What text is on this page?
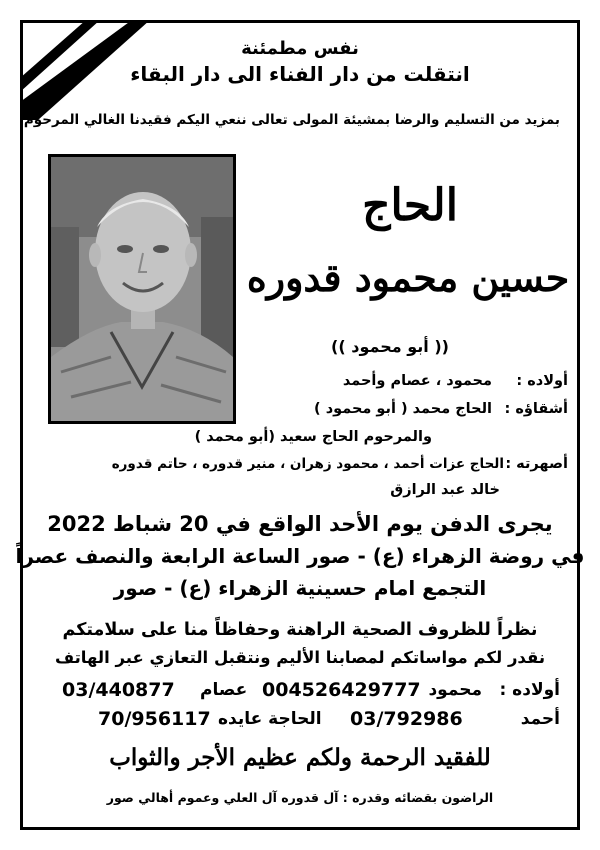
نفس مطمئنة
انتقلت من دار الفناء الى دار البقاء
بمزيد من التسليم والرضا بمشيئة المولى تعالى ننعي اليكم فقيدنا الغالي المرحوم
الحاج
حسين محمود قدوره
(( أبو محمود ))
أولاده :
محمود ، عصام وأحمد
أشقاؤه :
الحاج محمد ( أبو محمود )
والمرحوم الحاج سعيد (أبو محمد )
أصهرته :
الحاج عزات أحمد ، محمود زهران ، منير قدوره ، حاتم قدوره
خالد عبد الرازق
يجرى الدفن يوم الأحد الواقع في 20 شباط 2022
في روضة الزهراء (ع) - صور الساعة الرابعة والنصف عصراً
التجمع امام حسينية الزهراء (ع) - صور
نظراً للظروف الصحية الراهنة وحفاظاً منا على سلامتكم
نقدر لكم مواساتكم لمصابنا الأليم ونتقبل التعازي عبر الهاتف
أولاده :
محمود
004526429777
عصام
03/440877
أحمد
03/792986
الحاجة عايده
70/956117
للفقيد الرحمة ولكم عظيم الأجر والثواب
الراضون بقضائه وقدره : آل قدوره آل العلي وعموم أهالي صور
